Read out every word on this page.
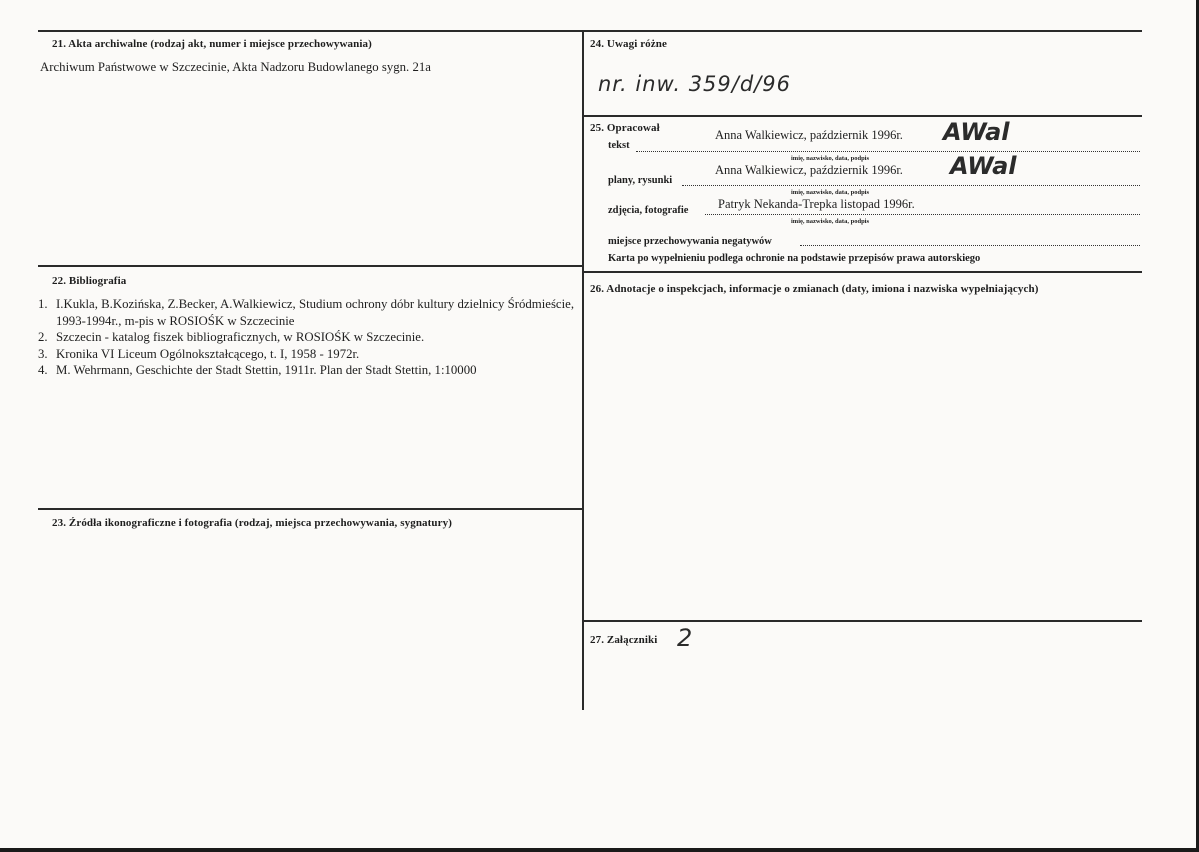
21. Akta archiwalne (rodzaj akt, numer i miejsce przechowywania)
Archiwum Państwowe w Szczecinie, Akta Nadzoru Budowlanego sygn. 21a
22. Bibliografia
1. I.Kukla, B.Kozińska, Z.Becker, A.Walkiewicz, Studium ochrony dóbr kultury dzielnicy Śródmieście, 1993-1994r., m-pis w ROSIOŚK w Szczecinie
2. Szczecin - katalog fiszek bibliograficznych, w ROSIOŚK w Szczecinie.
3. Kronika VI Liceum Ogólnokształcącego, t. I, 1958 - 1972r.
4. M. Wehrmann, Geschichte der Stadt Stettin, 1911r. Plan der Stadt Stettin, 1:10000
23. Źródła ikonograficzne i fotografia (rodzaj, miejsca przechowywania, sygnatury)
24. Uwagi różne
nr. inw. 359/d/96
25. Opracował
tekst
Anna Walkiewicz, październik 1996r. AWal
imię, nazwisko, data, podpis
plany, rysunki
Anna Walkiewicz, październik 1996r. AWal
imię, nazwisko, data, podpis
zdjęcia, fotografie Patryk Nekanda-Trepka listopad 1996r.
imię, nazwisko, data, podpis
miejsce przechowywania negatywów
Karta po wypełnieniu podlega ochronie na podstawie przepisów prawa autorskiego
26. Adnotacje o inspekcjach, informacje o zmianach (daty, imiona i nazwiska wypełniających)
27. Załączniki 2
